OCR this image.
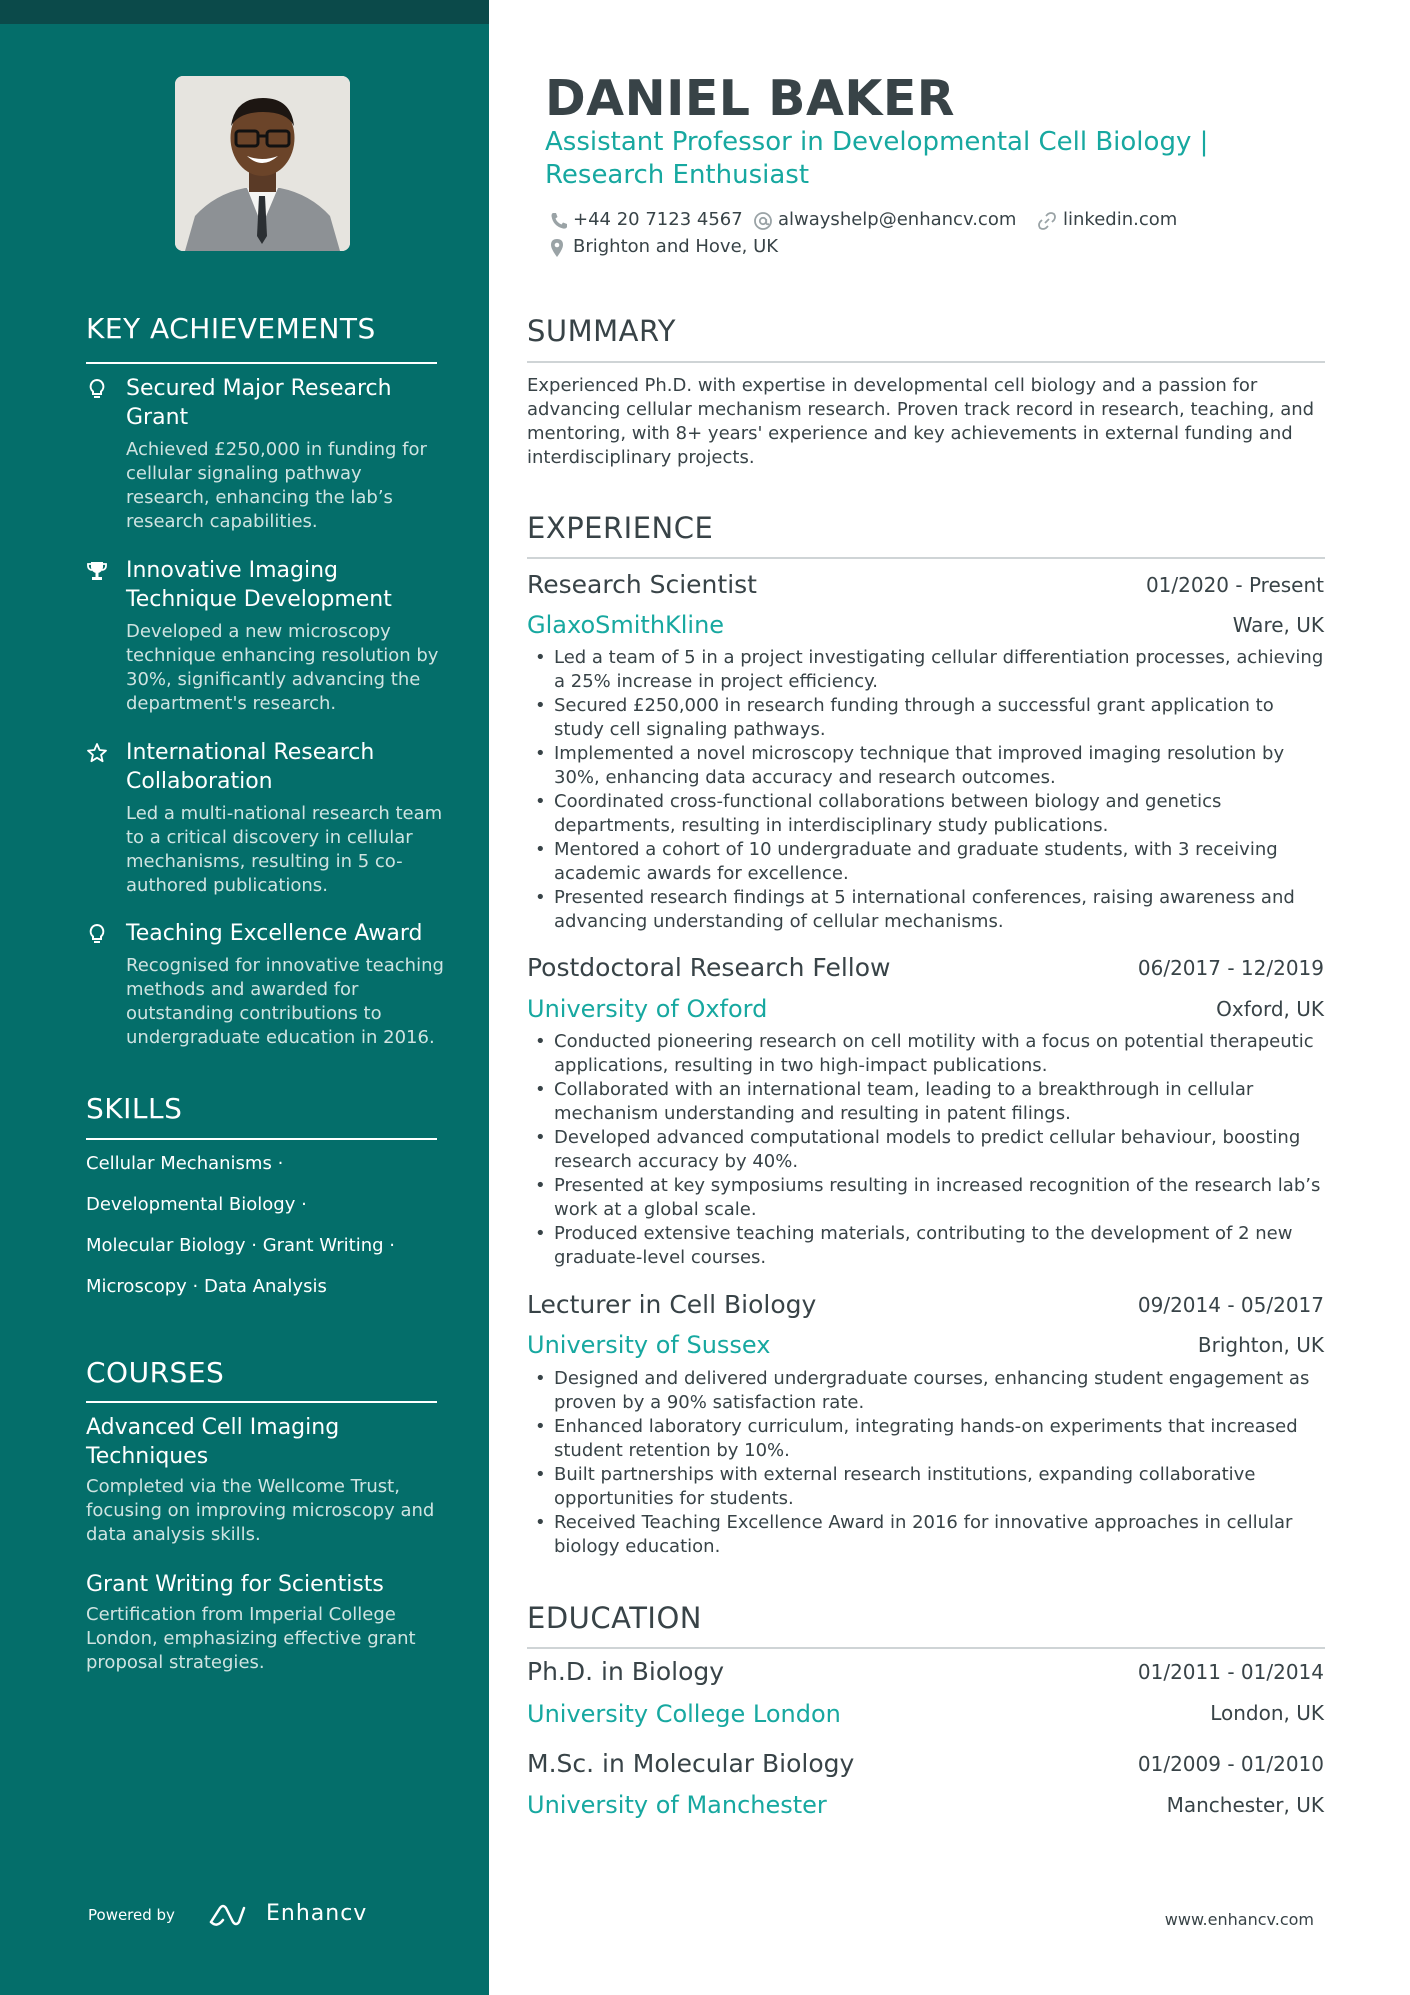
KEY ACHIEVEMENTS
Secured Major Research Grant
Achieved £250,000 in funding for cellular signaling pathway research, enhancing the lab’s research capabilities.
Innovative Imaging Technique Development
Developed a new microscopy technique enhancing resolution by 30%, significantly advancing the department's research.
International Research Collaboration
Led a multi-national research team to a critical discovery in cellular mechanisms, resulting in 5 co-authored publications.
Teaching Excellence Award
Recognised for innovative teaching methods and awarded for outstanding contributions to undergraduate education in 2016.
SKILLS
Cellular Mechanisms ·
Developmental Biology ·
Molecular Biology · Grant Writing ·
Microscopy · Data Analysis
COURSES
Advanced Cell Imaging Techniques
Completed via the Wellcome Trust, focusing on improving microscopy and data analysis skills.
Grant Writing for Scientists
Certification from Imperial College London, emphasizing effective grant proposal strategies.
Powered by	Enhancv
DANIEL BAKER
Assistant Professor in Developmental Cell Biology | Research Enthusiast
+44 20 7123 4567 alwayshelp@enhancv.com	linkedin.com
Brighton and Hove, UK
SUMMARY
Experienced Ph.D. with expertise in developmental cell biology and a passion for advancing cellular mechanism research. Proven track record in research, teaching, and mentoring, with 8+ years' experience and key achievements in external funding and interdisciplinary projects.
EXPERIENCE
Research Scientist	01/2020 - Present
GlaxoSmithKline	Ware, UK
• Led a team of 5 in a project investigating cellular differentiation processes, achieving a 25% increase in project efficiency.
• Secured £250,000 in research funding through a successful grant application to study cell signaling pathways.
• Implemented a novel microscopy technique that improved imaging resolution by 30%, enhancing data accuracy and research outcomes.
• Coordinated cross-functional collaborations between biology and genetics departments, resulting in interdisciplinary study publications.
• Mentored a cohort of 10 undergraduate and graduate students, with 3 receiving academic awards for excellence.
• Presented research findings at 5 international conferences, raising awareness and advancing understanding of cellular mechanisms.
Postdoctoral Research Fellow	06/2017 - 12/2019
University of Oxford	Oxford, UK
• Conducted pioneering research on cell motility with a focus on potential therapeutic applications, resulting in two high-impact publications.
• Collaborated with an international team, leading to a breakthrough in cellular mechanism understanding and resulting in patent filings.
• Developed advanced computational models to predict cellular behaviour, boosting research accuracy by 40%.
• Presented at key symposiums resulting in increased recognition of the research lab’s work at a global scale.
• Produced extensive teaching materials, contributing to the development of 2 new graduate-level courses.
Lecturer in Cell Biology	09/2014 - 05/2017
University of Sussex	Brighton, UK
• Designed and delivered undergraduate courses, enhancing student engagement as proven by a 90% satisfaction rate.
• Enhanced laboratory curriculum, integrating hands-on experiments that increased student retention by 10%.
• Built partnerships with external research institutions, expanding collaborative opportunities for students.
• Received Teaching Excellence Award in 2016 for innovative approaches in cellular biology education.
EDUCATION
Ph.D. in Biology	01/2011 - 01/2014
University College London	London, UK
M.Sc. in Molecular Biology	01/2009 - 01/2010
University of Manchester	Manchester, UK
www.enhancv.com
